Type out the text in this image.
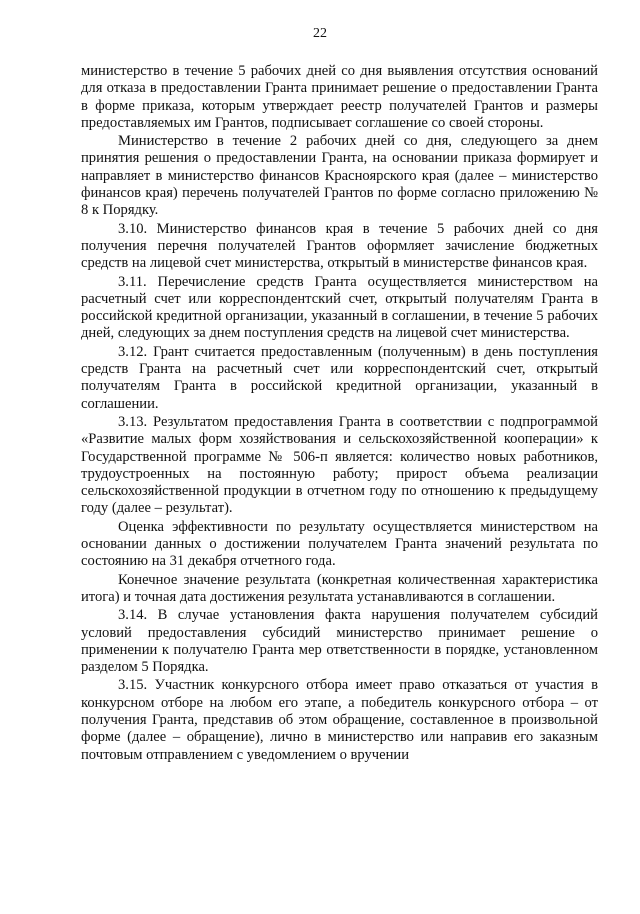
22

министерство в течение 5 рабочих дней со дня выявления отсутствия оснований для отказа в предоставлении Гранта принимает решение о предоставлении Гранта в форме приказа, которым утверждает реестр получателей Грантов и размеры предоставляемых им Грантов, подписывает соглашение со своей стороны.

Министерство в течение 2 рабочих дней со дня, следующего за днем принятия решения о предоставлении Гранта, на основании приказа формирует и направляет в министерство финансов Красноярского края (далее – министерство финансов края) перечень получателей Грантов по форме согласно приложению № 8 к Порядку.

3.10. Министерство финансов края в течение 5 рабочих дней со дня получения перечня получателей Грантов оформляет зачисление бюджетных средств на лицевой счет министерства, открытый в министерстве финансов края.

3.11. Перечисление средств Гранта осуществляется министерством на расчетный счет или корреспондентский счет, открытый получателям Гранта в российской кредитной организации, указанный в соглашении, в течение 5 рабочих дней, следующих за днем поступления средств на лицевой счет министерства.

3.12. Грант считается предоставленным (полученным) в день поступления средств Гранта на расчетный счет или корреспондентский счет, открытый получателям Гранта в российской кредитной организации, указанный в соглашении.

3.13. Результатом предоставления Гранта в соответствии с подпрограммой «Развитие малых форм хозяйствования и сельскохозяйственной кооперации» к Государственной программе № 506-п является: количество новых работников, трудоустроенных на постоянную работу; прирост объема реализации сельскохозяйственной продукции в отчетном году по отношению к предыдущему году (далее – результат).

Оценка эффективности по результату осуществляется министерством на основании данных о достижении получателем Гранта значений результата по состоянию на 31 декабря отчетного года.

Конечное значение результата (конкретная количественная характеристика итога) и точная дата достижения результата устанавливаются в соглашении.

3.14. В случае установления факта нарушения получателем субсидий условий предоставления субсидий министерство принимает решение о применении к получателю Гранта мер ответственности в порядке, установленном разделом 5 Порядка.

3.15. Участник конкурсного отбора имеет право отказаться от участия в конкурсном отборе на любом его этапе, а победитель конкурсного отбора – от получения Гранта, представив об этом обращение, составленное в произвольной форме (далее – обращение), лично в министерство или направив его заказным почтовым отправлением с уведомлением о вручении
